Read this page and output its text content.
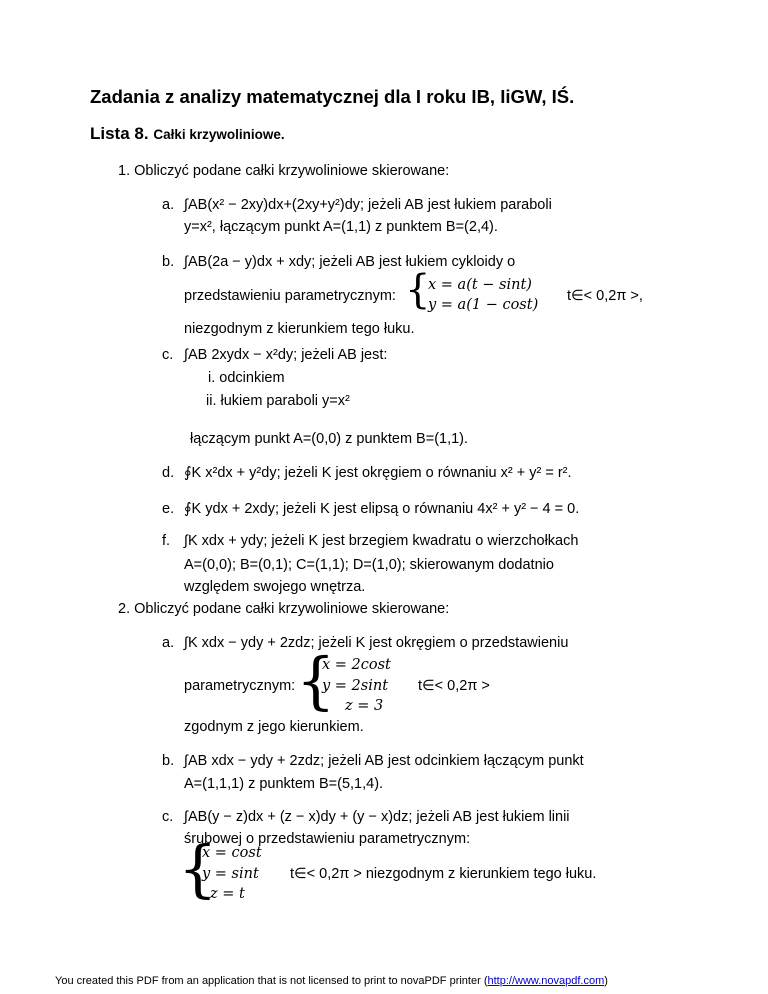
Zadania z analizy matematycznej dla I roku IB, IiGW, IŚ.
Lista 8. Całki krzywoliniowe.
1. Obliczyć podane całki krzywoliniowe skierowane:
a. ∫AB(x² − 2xy)dx+(2xy+y²)dy; jeżeli AB jest łukiem paraboli
y=x², łączącym punkt A=(1,1) z punktem B=(2,4).
b. ∫AB(2a − y)dx + xdy; jeżeli AB jest łukiem cykloidy o
przedstawieniu parametrycznym: {
x = a(t − sint)
y = a(1 − cost)
t∈< 0,2π >,
niezgodnym z kierunkiem tego łuku.
c. ∫AB 2xydx − x²dy; jeżeli AB jest:
i. odcinkiem
ii. łukiem paraboli y=x²
łączącym punkt A=(0,0) z punktem B=(1,1).
d. ∮K x²dx + y²dy; jeżeli K jest okręgiem o równaniu x² + y² = r².
e. ∮K ydx + 2xdy; jeżeli K jest elipsą o równaniu 4x² + y² − 4 = 0.
f. ∫K xdx + ydy; jeżeli K jest brzegiem kwadratu o wierzchołkach
A=(0,0); B=(0,1); C=(1,1); D=(1,0); skierowanym dodatnio
względem swojego wnętrza.
2. Obliczyć podane całki krzywoliniowe skierowane:
a. ∫K xdx − ydy + 2zdz; jeżeli K jest okręgiem o przedstawieniu
parametrycznym: {
x = 2cost
y = 2sint
z = 3
t∈< 0,2π >
zgodnym z jego kierunkiem.
b. ∫AB xdx − ydy + 2zdz; jeżeli AB jest odcinkiem łączącym punkt
A=(1,1,1) z punktem B=(5,1,4).
c. ∫AB(y − z)dx + (z − x)dy + (y − x)dz; jeżeli AB jest łukiem linii
śrubowej o przedstawieniu parametrycznym:
{
x = cost
y = sint
z = t
t∈< 0,2π > niezgodnym z kierunkiem tego łuku.
You created this PDF from an application that is not licensed to print to novaPDF printer (http://www.novapdf.com)
